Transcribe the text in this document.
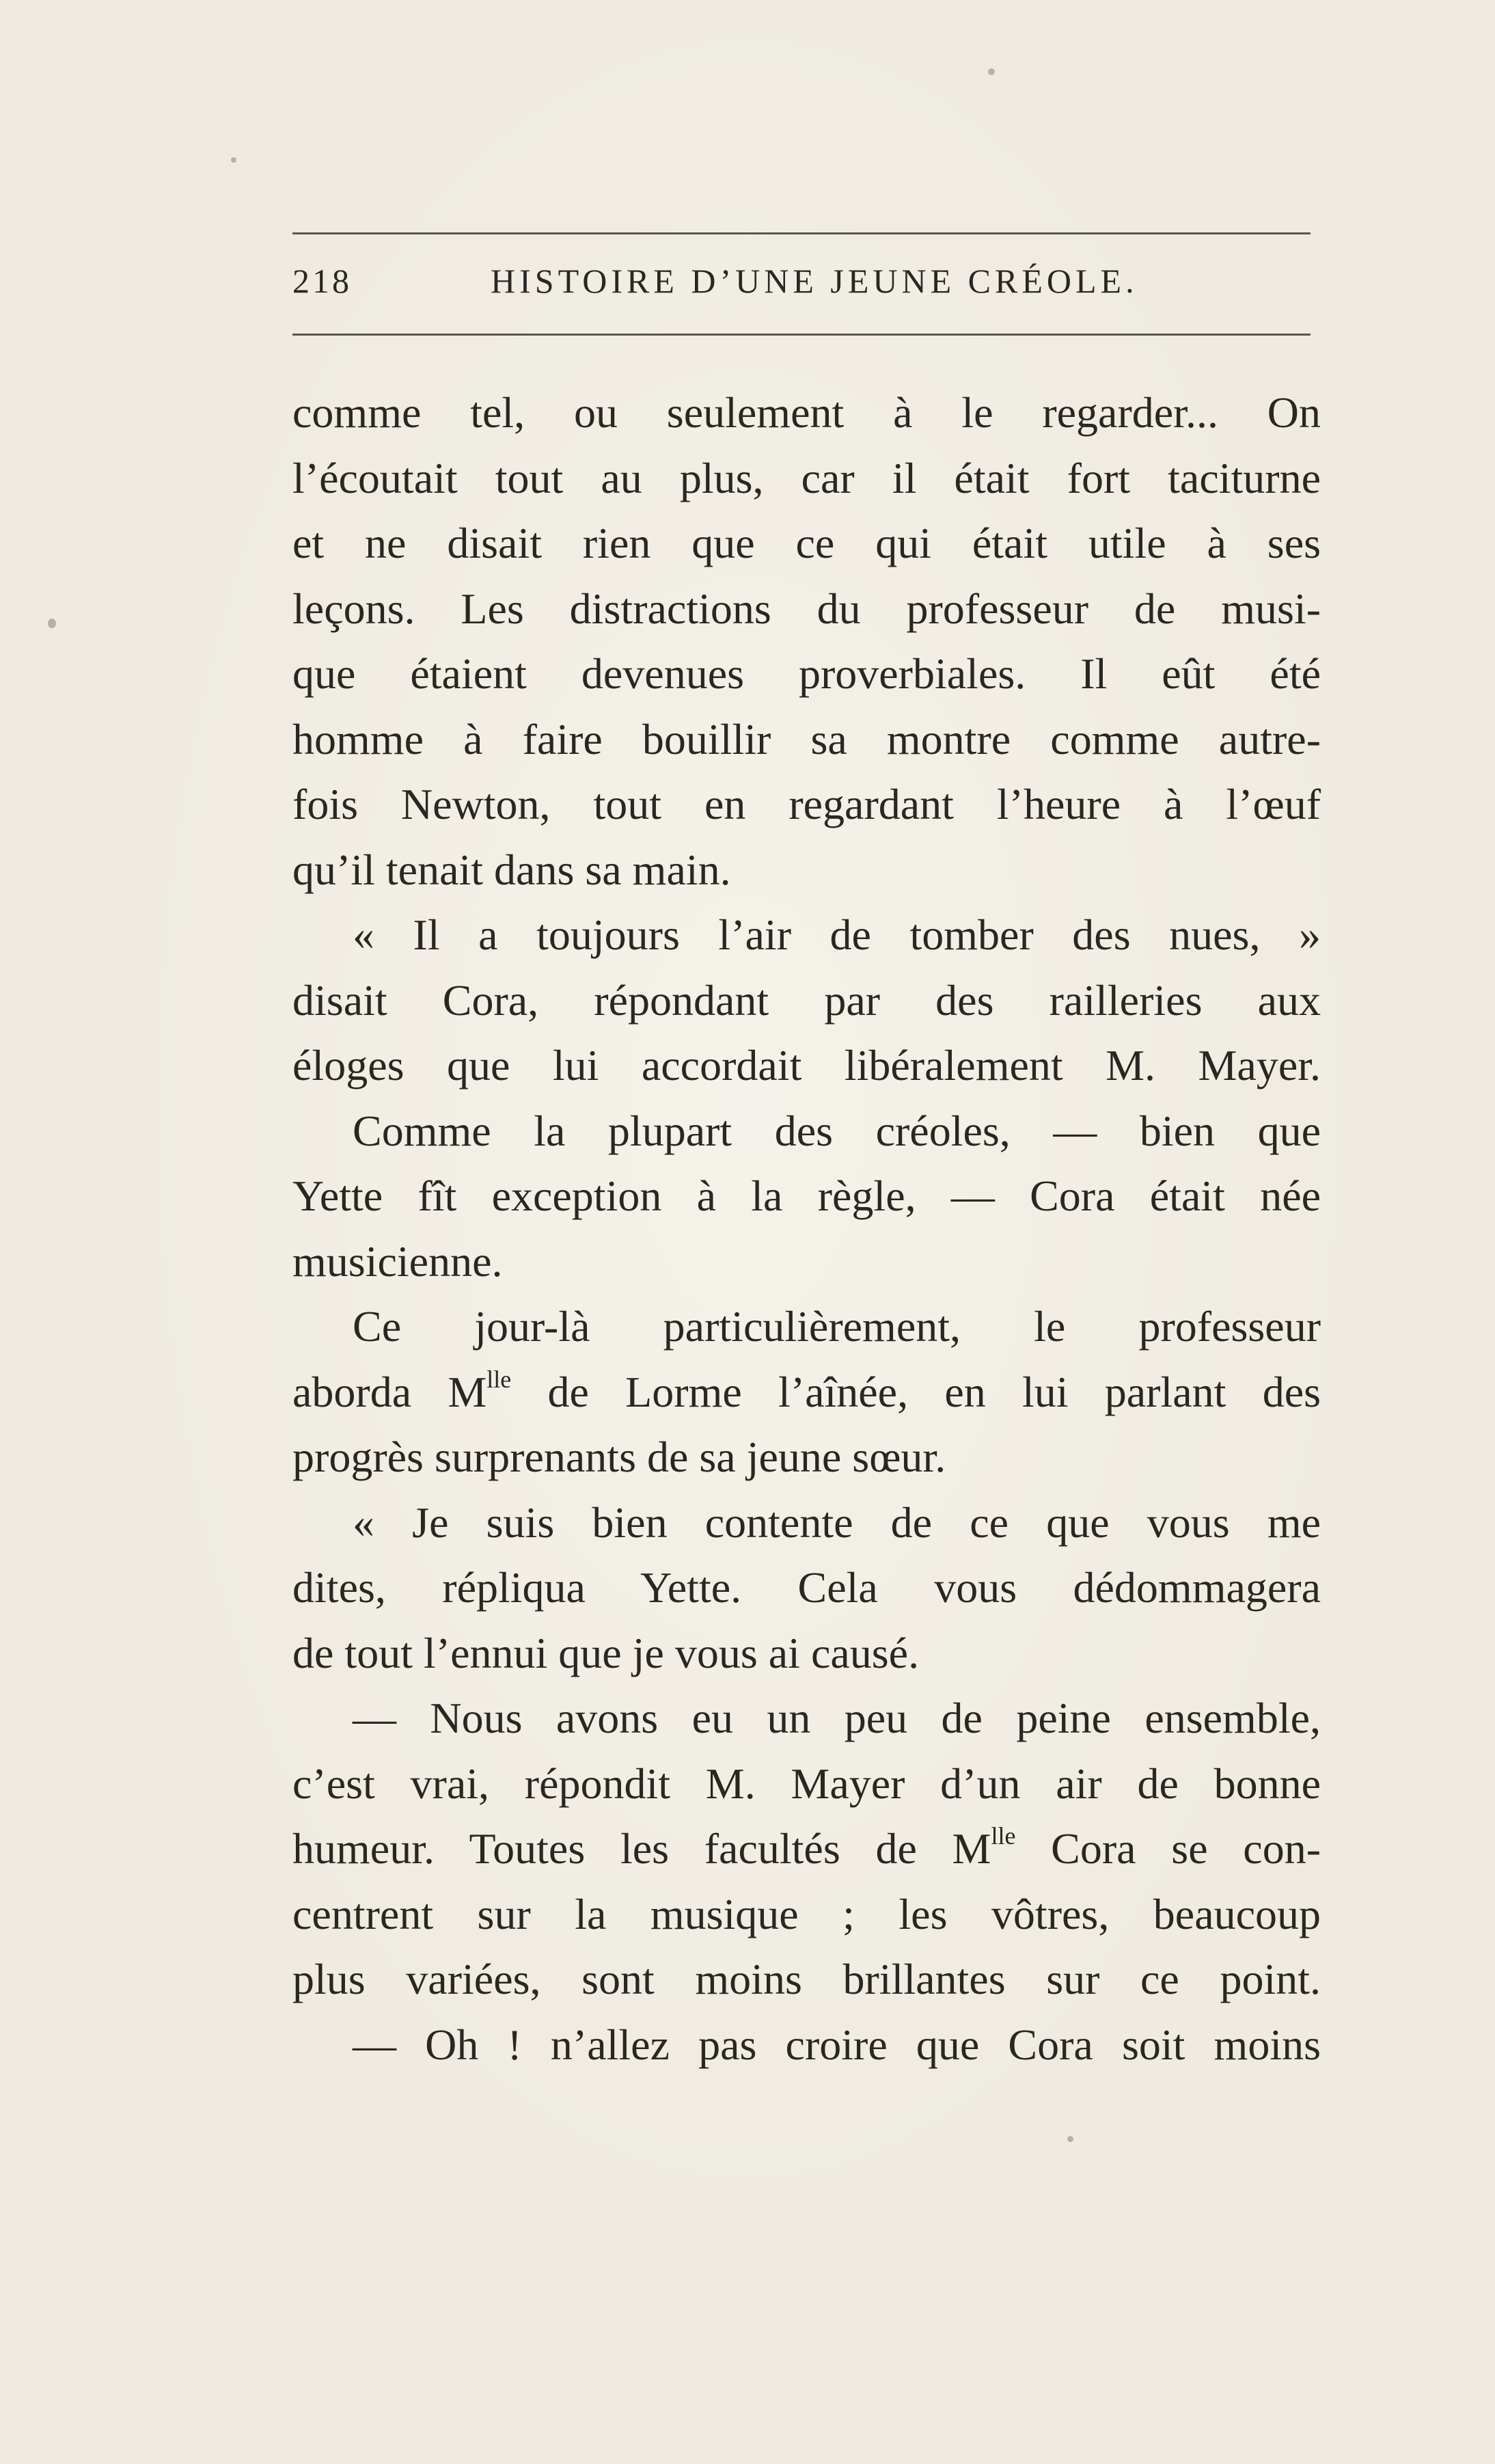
218	HISTOIRE D’UNE JEUNE CRÉOLE.
comme tel, ou seulement à le regarder... On
l’écoutait tout au plus, car il était fort taciturne
et ne disait rien que ce qui était utile à ses
leçons. Les distractions du professeur de musi-
que étaient devenues proverbiales. Il eût été
homme à faire bouillir sa montre comme autre-
fois Newton, tout en regardant l’heure à l’œuf
qu’il tenait dans sa main.
« Il a toujours l’air de tomber des nues, »
disait Cora, répondant par des railleries aux
éloges que lui accordait libéralement M. Mayer.
Comme la plupart des créoles, — bien que
Yette fît exception à la règle, — Cora était née
musicienne.
Ce jour-là particulièrement, le professeur
aborda $M^{lle}$ de Lorme l’aînée, en lui parlant des
progrès surprenants de sa jeune sœur.
« Je suis bien contente de ce que vous me
dites, répliqua Yette. Cela vous dédommagera
de tout l’ennui que je vous ai causé.
— Nous avons eu un peu de peine ensemble,
c’est vrai, répondit M. Mayer d’un air de bonne
humeur. Toutes les facultés de $M^{lle}$ Cora se con-
centrent sur la musique ; les vôtres, beaucoup
plus variées, sont moins brillantes sur ce point.
— Oh ! n’allez pas croire que Cora soit moins
